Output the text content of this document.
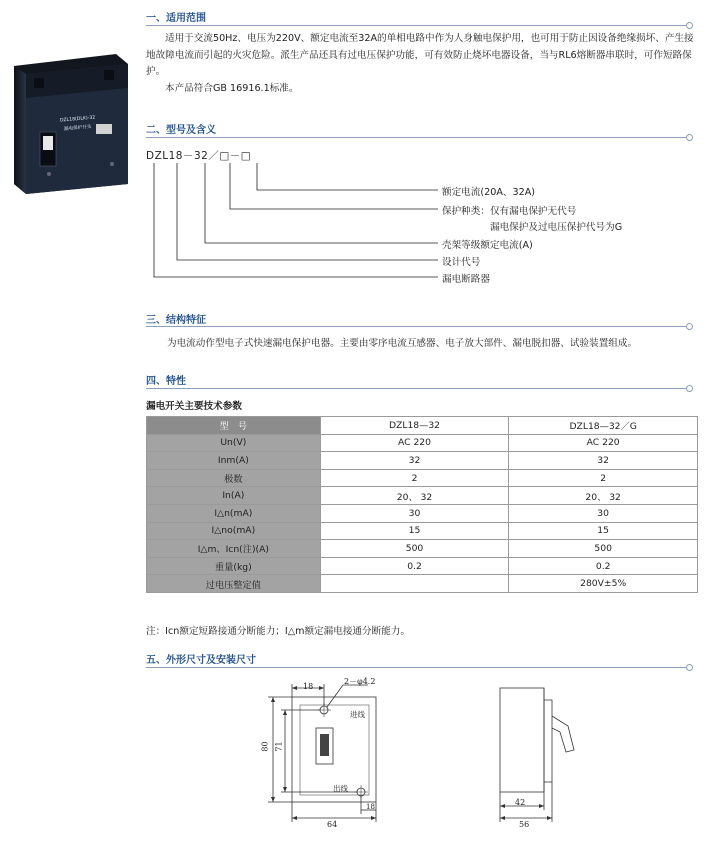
DZL18(DLK)-32
漏电保护开关
一、适用范围

适用于交流50Hz、电压为220V、额定电流至32A的单相电路中作为人身触电保护用，也可用于防止因设备绝缘损坏、产生接地故障电流而引起的火灾危险。派生产品还具有过电压保护功能，可有效防止烧坏电器设备，当与RL6熔断器串联时，可作短路保护。

本产品符合GB 16916.1标准。

二、型号及含义
DZL18－32／□－□
额定电流(20A、32A)
保护种类：仅有漏电保护无代号
漏电保护及过电压保护代号为G
壳架等级额定电流(A)
设计代号
漏电断路器
三、结构特征
为电流动作型电子式快速漏电保护电器。主要由零序电流互感器、电子放大部件、漏电脱扣器、试验装置组成。
四、特性
漏电开关主要技术参数
型　号	DZL18—32	DZL18—32／G
Un(V)	AC 220	AC 220
Inm(A)	32	32
极数	2	2
In(A)	20、 32	20、 32
I△n(mA)	30	30
I△no(mA)	15	15
I△m、Icn(注)(A)	500	500
重量(kg)	0.2	0.2
过电压整定值		280V±5%
注：Icn额定短路接通分断能力；I△m额定漏电接通分断能力。
五、外形尺寸及安装尺寸
18
2－φ4.2
进线
出线
80 71
18
64
42
56
